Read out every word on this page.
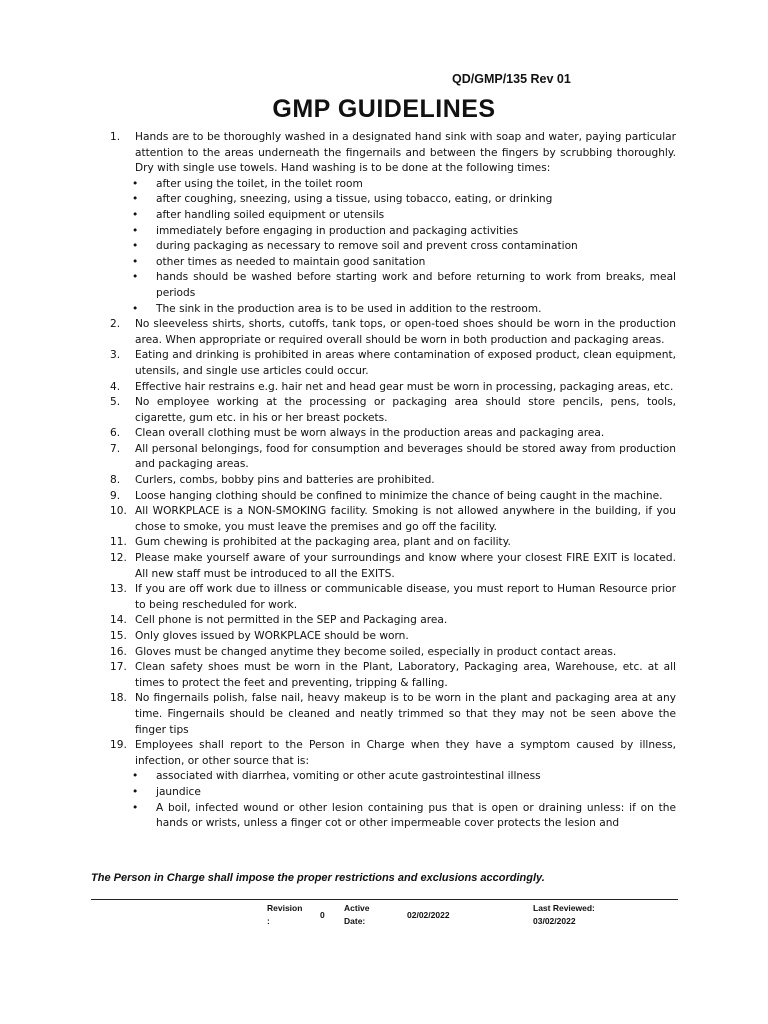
QD/GMP/135 Rev 01
GMP GUIDELINES
1. Hands are to be thoroughly washed in a designated hand sink with soap and water, paying particular attention to the areas underneath the fingernails and between the fingers by scrubbing thoroughly. Dry with single use towels. Hand washing is to be done at the following times:
• after using the toilet, in the toilet room
• after coughing, sneezing, using a tissue, using tobacco, eating, or drinking
• after handling soiled equipment or utensils
• immediately before engaging in production and packaging activities
• during packaging as necessary to remove soil and prevent cross contamination
• other times as needed to maintain good sanitation
• hands should be washed before starting work and before returning to work from breaks, meal periods
• The sink in the production area is to be used in addition to the restroom.
2. No sleeveless shirts, shorts, cutoffs, tank tops, or open-toed shoes should be worn in the production area. When appropriate or required overall should be worn in both production and packaging areas.
3. Eating and drinking is prohibited in areas where contamination of exposed product, clean equipment, utensils, and single use articles could occur.
4. Effective hair restrains e.g. hair net and head gear must be worn in processing, packaging areas, etc.
5. No employee working at the processing or packaging area should store pencils, pens, tools, cigarette, gum etc. in his or her breast pockets.
6. Clean overall clothing must be worn always in the production areas and packaging area.
7. All personal belongings, food for consumption and beverages should be stored away from production and packaging areas.
8. Curlers, combs, bobby pins and batteries are prohibited.
9. Loose hanging clothing should be confined to minimize the chance of being caught in the machine.
10. All WORKPLACE is a NON-SMOKING facility. Smoking is not allowed anywhere in the building, if you chose to smoke, you must leave the premises and go off the facility.
11. Gum chewing is prohibited at the packaging area, plant and on facility.
12. Please make yourself aware of your surroundings and know where your closest FIRE EXIT is located. All new staff must be introduced to all the EXITS.
13. If you are off work due to illness or communicable disease, you must report to Human Resource prior to being rescheduled for work.
14. Cell phone is not permitted in the SEP and Packaging area.
15. Only gloves issued by WORKPLACE should be worn.
16. Gloves must be changed anytime they become soiled, especially in product contact areas.
17. Clean safety shoes must be worn in the Plant, Laboratory, Packaging area, Warehouse, etc. at all times to protect the feet and preventing, tripping & falling.
18. No fingernails polish, false nail, heavy makeup is to be worn in the plant and packaging area at any time. Fingernails should be cleaned and neatly trimmed so that they may not be seen above the finger tips
19. Employees shall report to the Person in Charge when they have a symptom caused by illness, infection, or other source that is:
• associated with diarrhea, vomiting or other acute gastrointestinal illness
• jaundice
• A boil, infected wound or other lesion containing pus that is open or draining unless: if on the hands or wrists, unless a finger cot or other impermeable cover protects the lesion and
The Person in Charge shall impose the proper restrictions and exclusions accordingly.
Revision
:
0
Active
Date:
02/02/2022
Last Reviewed:
03/02/2022
